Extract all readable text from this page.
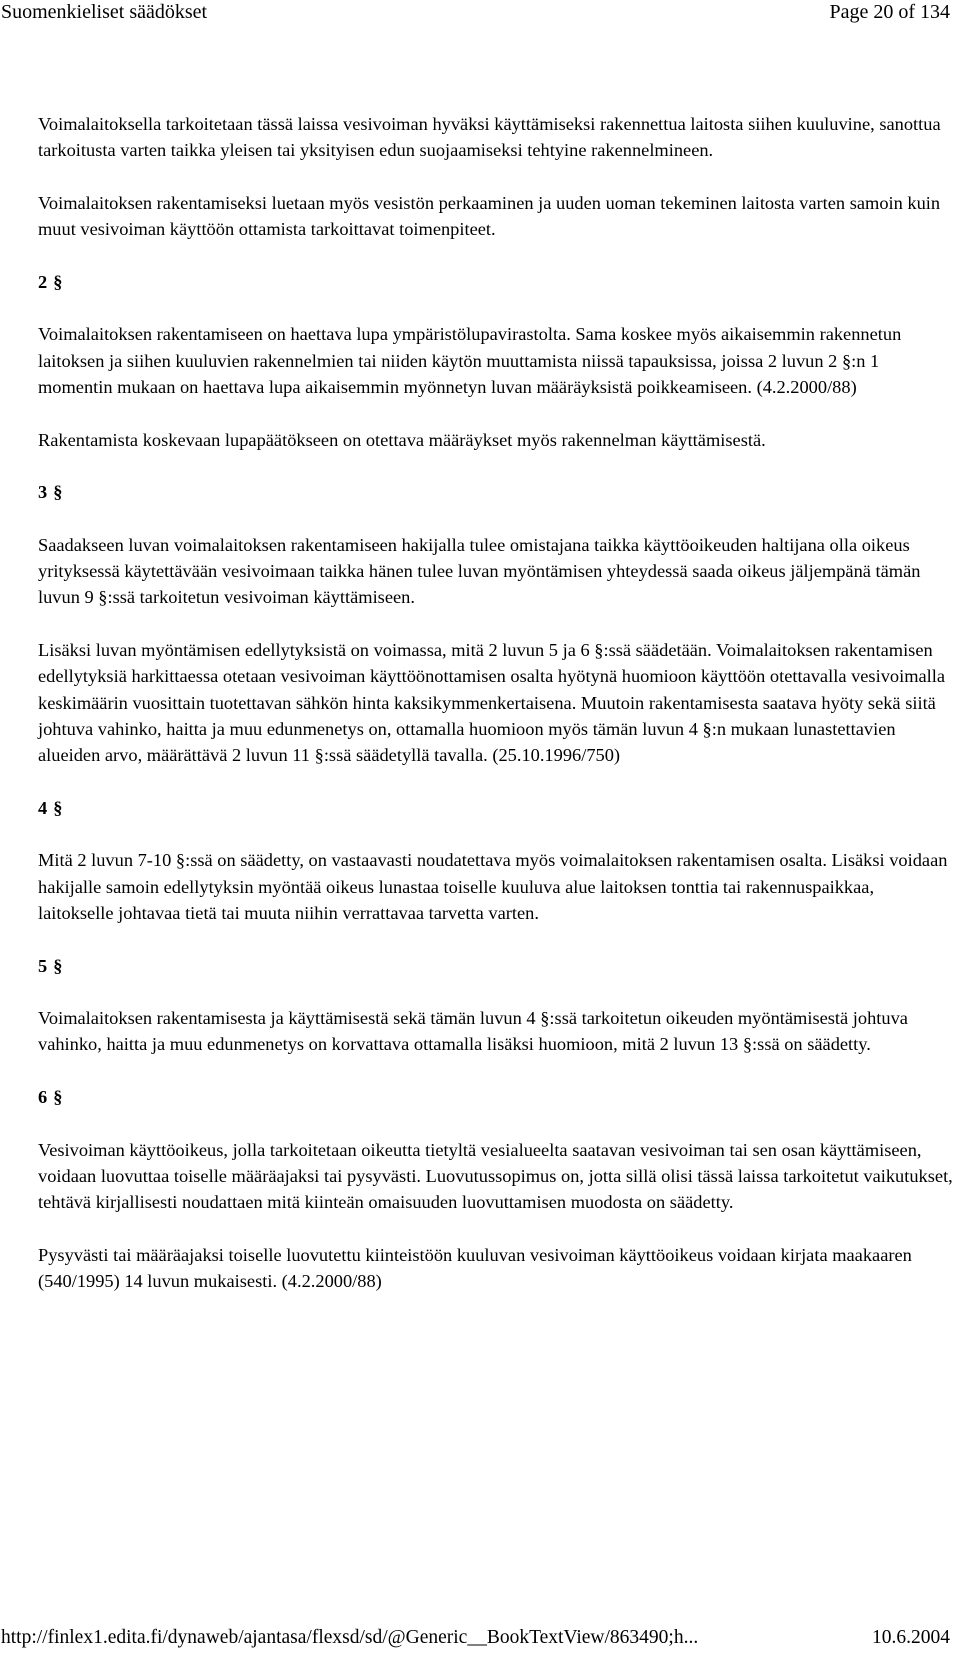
Suomenkieliset säädökset	Page 20 of 134

Voimalaitoksella tarkoitetaan tässä laissa vesivoiman hyväksi käyttämiseksi rakennettua laitosta siihen kuuluvine, sanottua tarkoitusta varten taikka yleisen tai yksityisen edun suojaamiseksi tehtyine rakennelmineen.

Voimalaitoksen rakentamiseksi luetaan myös vesistön perkaaminen ja uuden uoman tekeminen laitosta varten samoin kuin muut vesivoiman käyttöön ottamista tarkoittavat toimenpiteet.

2 §

Voimalaitoksen rakentamiseen on haettava lupa ympäristölupavirastolta. Sama koskee myös aikaisemmin rakennetun laitoksen ja siihen kuuluvien rakennelmien tai niiden käytön muuttamista niissä tapauksissa, joissa 2 luvun 2 §:n 1 momentin mukaan on haettava lupa aikaisemmin myönnetyn luvan määräyksistä poikkeamiseen. (4.2.2000/88)

Rakentamista koskevaan lupapäätökseen on otettava määräykset myös rakennelman käyttämisestä.

3 §

Saadakseen luvan voimalaitoksen rakentamiseen hakijalla tulee omistajana taikka käyttöoikeuden haltijana olla oikeus yrityksessä käytettävään vesivoimaan taikka hänen tulee luvan myöntämisen yhteydessä saada oikeus jäljempänä tämän luvun 9 §:ssä tarkoitetun vesivoiman käyttämiseen.

Lisäksi luvan myöntämisen edellytyksistä on voimassa, mitä 2 luvun 5 ja 6 §:ssä säädetään. Voimalaitoksen rakentamisen edellytyksiä harkittaessa otetaan vesivoiman käyttöönottamisen osalta hyötynä huomioon käyttöön otettavalla vesivoimalla keskimäärin vuosittain tuotettavan sähkön hinta kaksikymmenkertaisena. Muutoin rakentamisesta saatava hyöty sekä siitä johtuva vahinko, haitta ja muu edunmenetys on, ottamalla huomioon myös tämän luvun 4 §:n mukaan lunastettavien alueiden arvo, määrättävä 2 luvun 11 §:ssä säädetyllä tavalla. (25.10.1996/750)

4 §

Mitä 2 luvun 7-10 §:ssä on säädetty, on vastaavasti noudatettava myös voimalaitoksen rakentamisen osalta. Lisäksi voidaan hakijalle samoin edellytyksin myöntää oikeus lunastaa toiselle kuuluva alue laitoksen tonttia tai rakennuspaikkaa, laitokselle johtavaa tietä tai muuta niihin verrattavaa tarvetta varten.

5 §

Voimalaitoksen rakentamisesta ja käyttämisestä sekä tämän luvun 4 §:ssä tarkoitetun oikeuden myöntämisestä johtuva vahinko, haitta ja muu edunmenetys on korvattava ottamalla lisäksi huomioon, mitä 2 luvun 13 §:ssä on säädetty.

6 §

Vesivoiman käyttöoikeus, jolla tarkoitetaan oikeutta tietyltä vesialueelta saatavan vesivoiman tai sen osan käyttämiseen, voidaan luovuttaa toiselle määräajaksi tai pysyvästi. Luovutussopimus on, jotta sillä olisi tässä laissa tarkoitetut vaikutukset, tehtävä kirjallisesti noudattaen mitä kiinteän omaisuuden luovuttamisen muodosta on säädetty.

Pysyvästi tai määräajaksi toiselle luovutettu kiinteistöön kuuluvan vesivoiman käyttöoikeus voidaan kirjata maakaaren (540/1995) 14 luvun mukaisesti. (4.2.2000/88)

http://finlex1.edita.fi/dynaweb/ajantasa/flexsd/sd/@Generic__BookTextView/863490;h...	10.6.2004
